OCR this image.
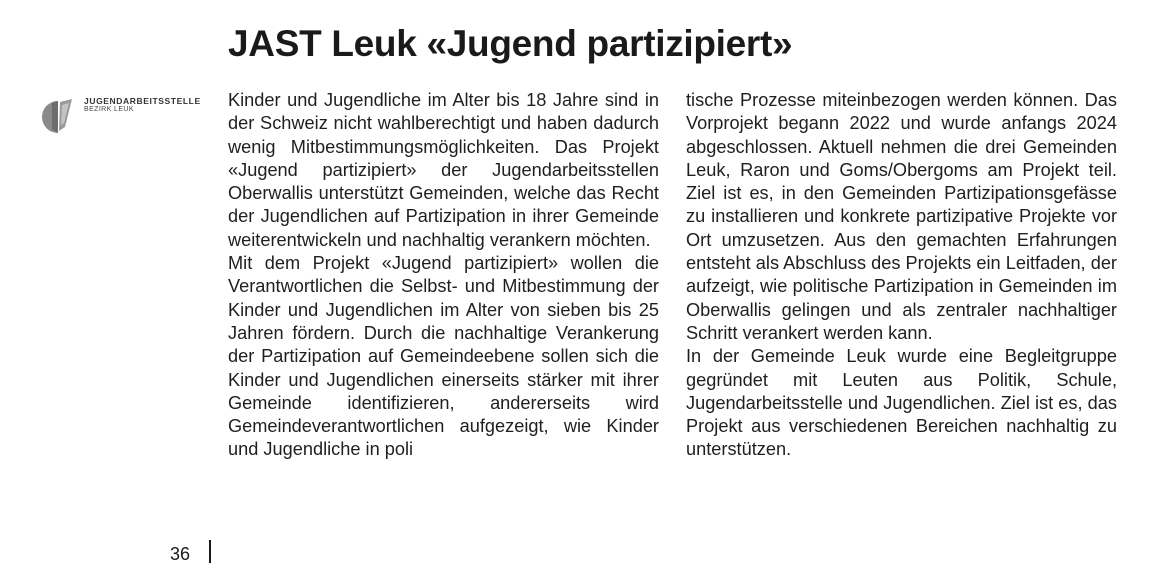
JAST Leuk «Jugend partizipiert»
JUGENDARBEITSSTELLE
BEZIRK LEUK	Kinder und Jugendliche im Alter bis 18 Jahre sind in der Schweiz nicht wahlberechtigt und haben dadurch wenig Mitbestimmungsmöglichkeiten. Das Projekt «Jugend partizipiert» der Jugendarbeitsstellen Oberwallis unterstützt Gemeinden, welche das Recht der Jugendlichen auf Partizipation in ihrer Gemeinde weiterentwickeln und nachhaltig verankern möchten.

Mit dem Projekt «Jugend partizipiert» wollen die Verantwortlichen die Selbst- und Mitbestimmung der Kinder und Jugendlichen im Alter von sieben bis 25 Jahren fördern. Durch die nachhaltige Verankerung der Partizipation auf Gemeindeebene sollen sich die Kinder und Jugendlichen einerseits stärker mit ihrer Gemeinde identifizieren, andererseits wird Gemeindeverantwortlichen aufgezeigt, wie Kinder und Jugendliche in poli

tische Prozesse miteinbezogen werden können. Das Vorprojekt begann 2022 und wurde anfangs 2024 abgeschlossen. Aktuell nehmen die drei Gemeinden Leuk, Raron und Goms/Obergoms am Projekt teil. Ziel ist es, in den Gemeinden Partizipationsgefässe zu installieren und konkrete partizipative Projekte vor Ort umzusetzen. Aus den gemachten Erfahrungen entsteht als Abschluss des Projekts ein Leitfaden, der aufzeigt, wie politische Partizipation in Gemeinden im Oberwallis gelingen und als zentraler nachhaltiger Schritt verankert werden kann.

In der Gemeinde Leuk wurde eine Begleitgruppe gegründet mit Leuten aus Politik, Schule, Jugendarbeitsstelle und Jugendlichen. Ziel ist es, das Projekt aus verschiedenen Bereichen nachhaltig zu unterstützen.

36
